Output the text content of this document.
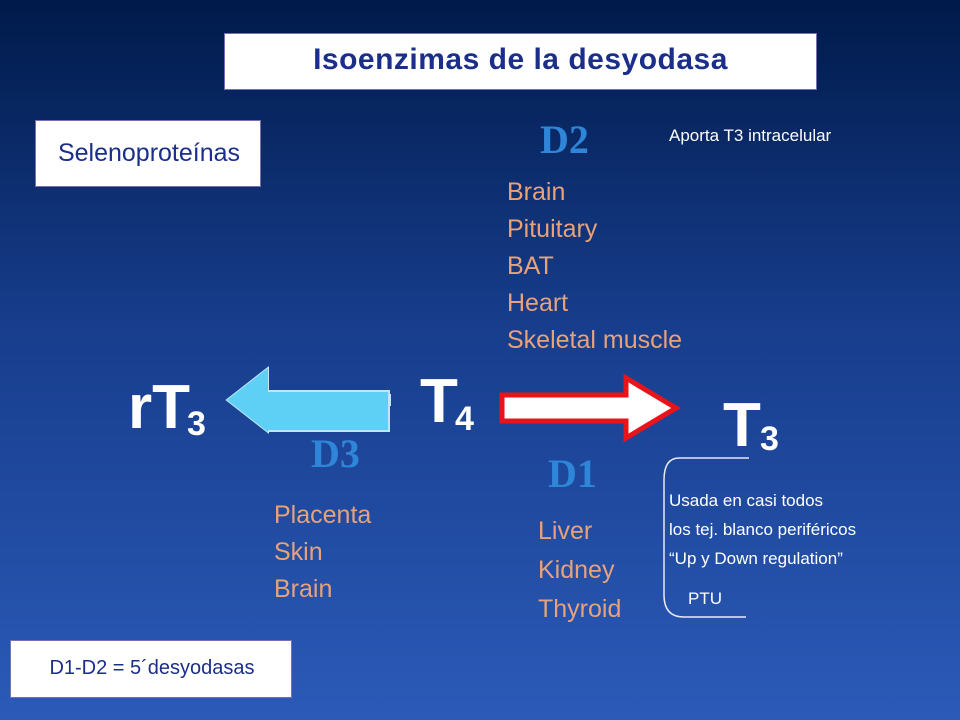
Isoenzimas de la desyodasa
Selenoproteínas	D2	Aporta T3 intracelular
Brain
Pituitary
BAT
Heart
Skeletal muscle
rT
3	T
4	T 3
D3
Placenta
Skin
Brain
D1
Liver
Kidney
Thyroid
Usada en casi todos
los tej. blanco periféricos
“Up y Down regulation”
PTU
D1-D2 = 5´desyodasas
